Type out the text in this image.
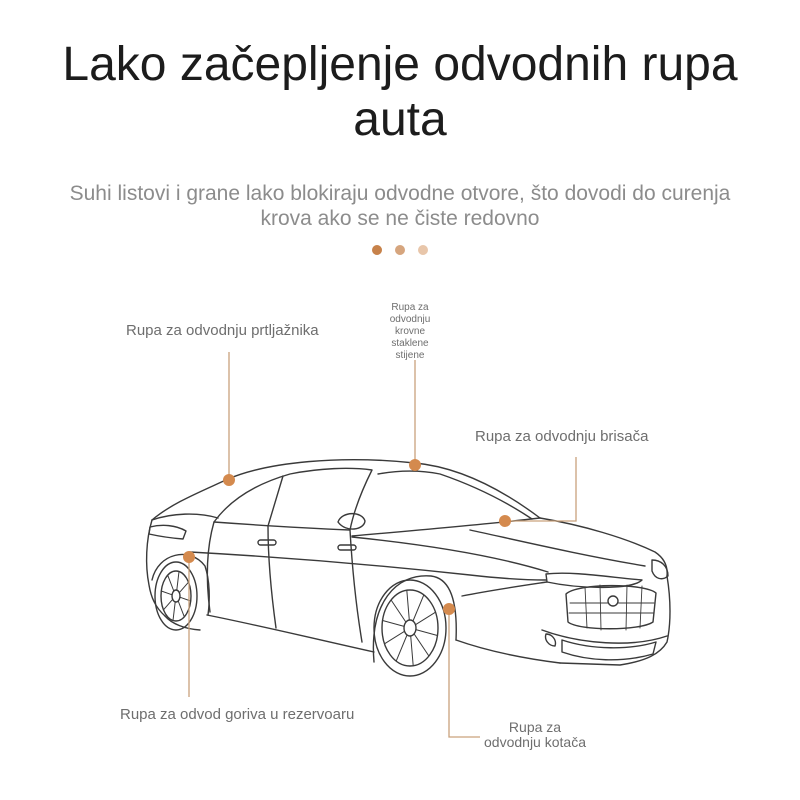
Lako začepljenje odvodnih rupa
auta
Suhi listovi i grane lako blokiraju odvodne otvore, što dovodi do curenja
krova ako se ne čiste redovno
Rupa za odvodnju prtljažnika
Rupa za
odvodnju
krovne
staklene
stijene
Rupa za odvodnju brisača
Rupa za odvod goriva u rezervoaru
Rupa za
odvodnju kotača
